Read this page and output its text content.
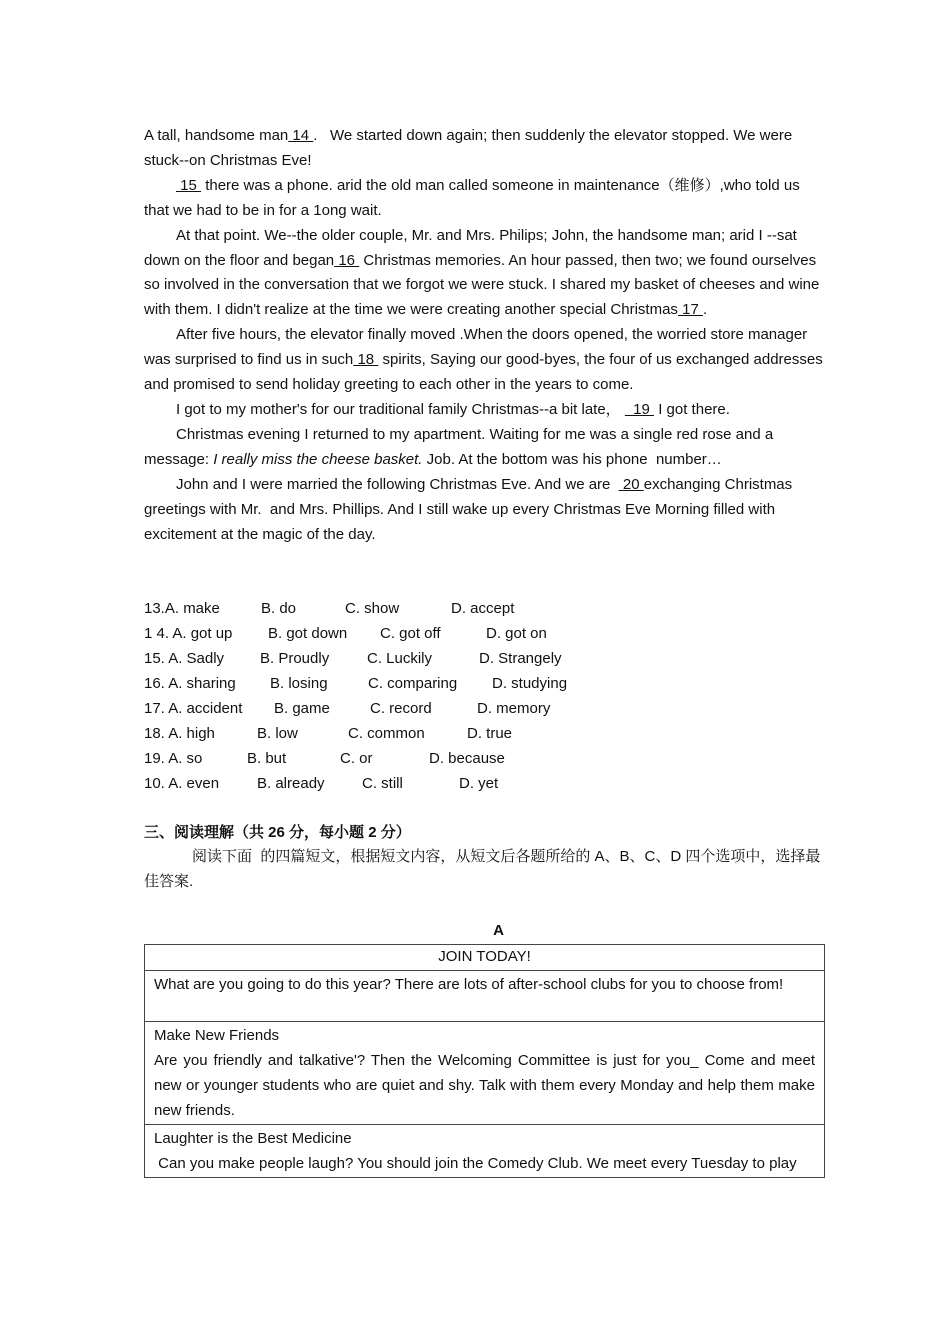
A tall, handsome man 14 .   We started down again; then suddenly the elevator stopped. We were stuck--on Christmas Eve!

15  there was a phone. arid the old man called someone in maintenance（维修）,who told us that we had to be in for a 1ong wait.

At that point. We--the older couple, Mr. and Mrs. Philips; John, the handsome man; arid I --sat down on the floor and began 16  Christmas memories. An hour passed, then two; we found ourselves so involved in the conversation that we forgot we were stuck. I shared my basket of cheeses and wine with them. I didn't realize at the time we were creating another special Christmas 17 .

After five hours, the elevator finally moved .When the doors opened, the worried store manager was surprised to find us in such 18  spirits, Saying our good-byes, the four of us exchanged addresses and promised to send holiday greeting to each other in the years to come.

I got to my mother's for our traditional family Christmas--a bit late，   19  I got there.

Christmas evening I returned to my apartment. Waiting for me was a single red rose and a message: I really miss the cheese basket. Job. At the bottom was his phone  number…

John and I were married the following Christmas Eve. And we are   20 exchanging Christmas greetings with Mr.  and Mrs. Phillips. And I still wake up every Christmas Eve Morning filled with excitement at the magic of the day.

13.A. make	B. do	C. show	D. accept
1 4. A. got up B. got down C. got off	D. got on
15. A. Sadly B. Proudly	C. Luckily	D. Strangely
16. A. sharing B. losing	C. comparing D. studying
17. A. accident B. game	C. record	D. memory
18. A. high	B. low	C. common	D. true
19. A. so	B. but	C. or	D. because
10. A. even	B. already C. still	D. yet

三、阅读理解（共 26 分，每小题 2 分）

阅读下面  的四篇短文，根据短文内容，从短文后各题所给的 A、B、C、D 四个选项中，选择最佳答案.

A
JOIN TODAY!
What are you going to do this year? There are lots of after-school clubs for you to choose from!

Make New Friends
Are you friendly and talkative'? Then the Welcoming Committee is just for you_ Come and meet new or younger students who are quiet and shy. Talk with them every Monday and help them make new friends.

Laughter is the Best Medicine
Can you make people laugh? You should join the Comedy Club. We meet every Tuesday to play
